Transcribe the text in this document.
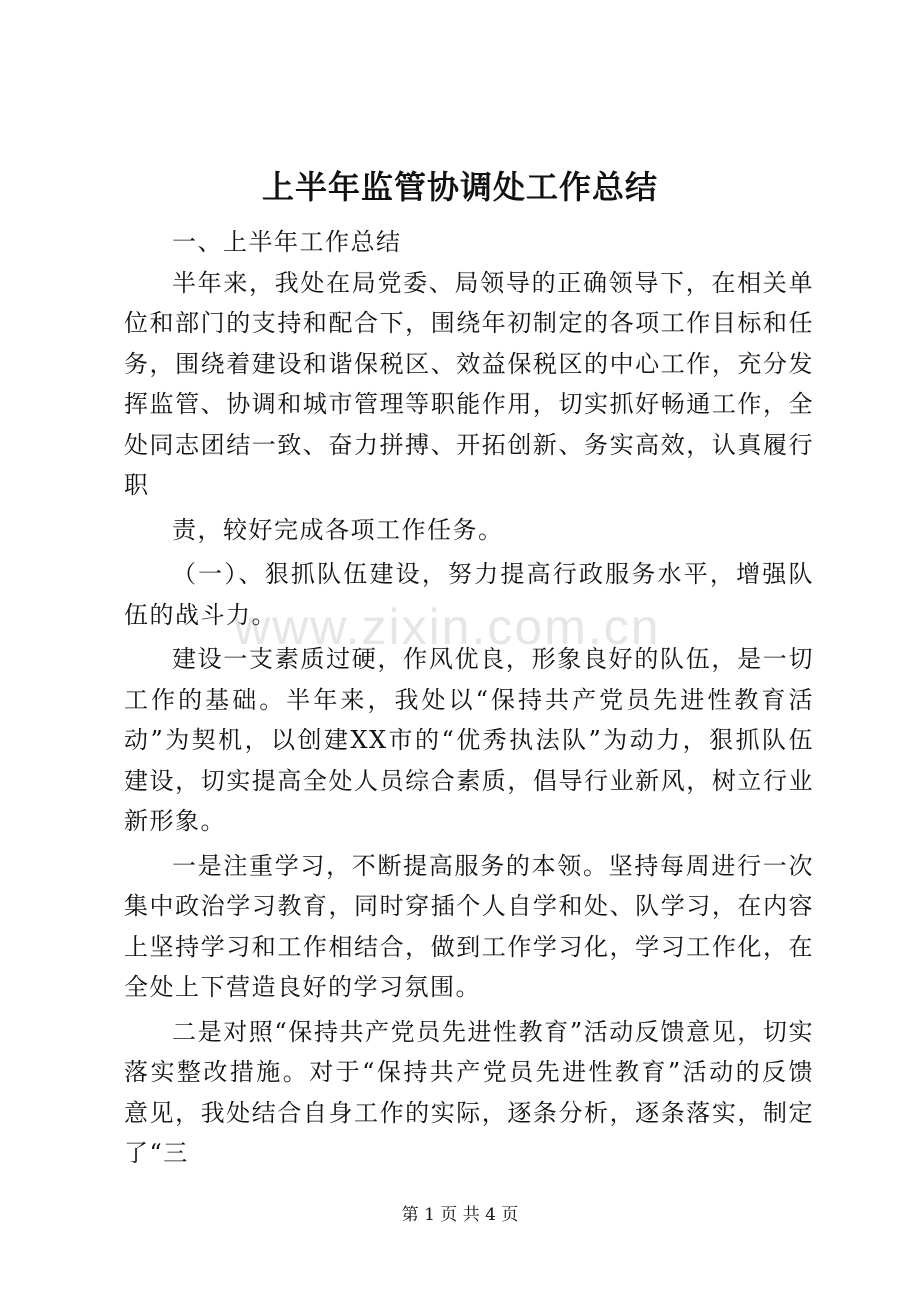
www.zixin.com.cn
上半年监管协调处工作总结

一、上半年工作总结

半年来，我处在局党委、局领导的正确领导下，在相关单位和部门的支持和配合下，围绕年初制定的各项工作目标和任务，围绕着建设和谐保税区、效益保税区的中心工作，充分发挥监管、协调和城市管理等职能作用，切实抓好畅通工作，全处同志团结一致、奋力拼搏、开拓创新、务实高效，认真履行职

责，较好完成各项工作任务。

（一）、狠抓队伍建设，努力提高行政服务水平，增强队伍的战斗力。

建设一支素质过硬，作风优良，形象良好的队伍，是一切工作的基础。半年来，我处以“保持共产党员先进性教育活动”为契机，以创建XX市的“优秀执法队”为动力，狠抓队伍建设，切实提高全处人员综合素质，倡导行业新风，树立行业新形象。

一是注重学习，不断提高服务的本领。坚持每周进行一次集中政治学习教育，同时穿插个人自学和处、队学习，在内容上坚持学习和工作相结合，做到工作学习化，学习工作化，在全处上下营造良好的学习氛围。

二是对照“保持共产党员先进性教育”活动反馈意见，切实落实整改措施。对于“保持共产党员先进性教育”活动的反馈意见，我处结合自身工作的实际，逐条分析，逐条落实，制定了“三

第 1 页 共 4 页
